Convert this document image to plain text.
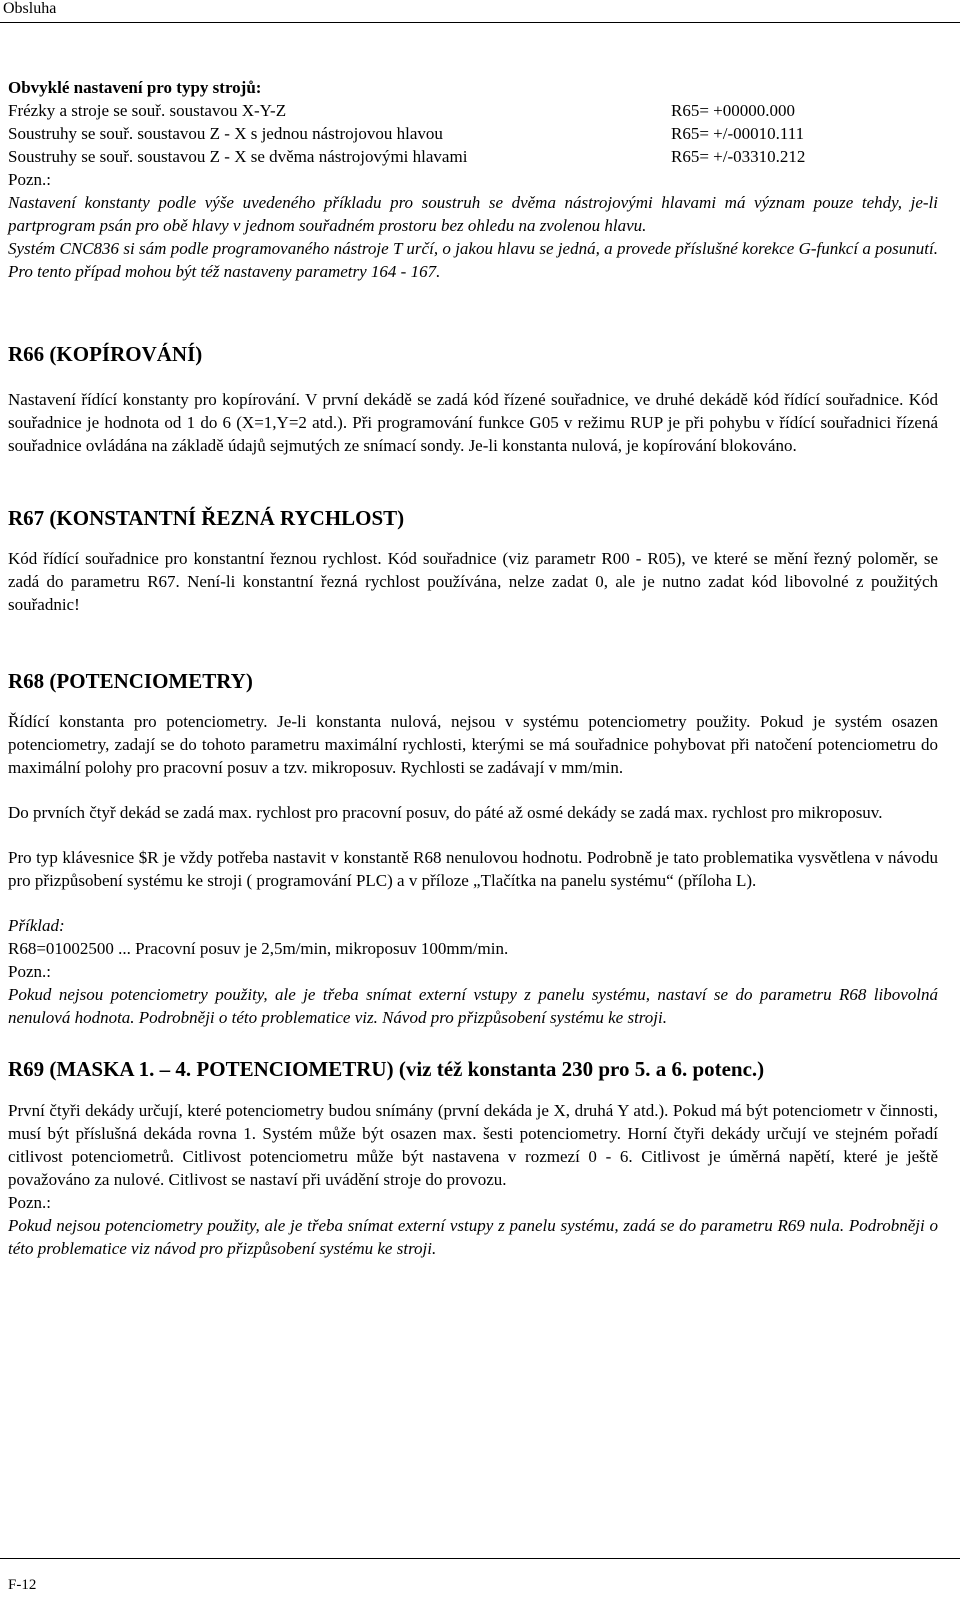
Obsluha

Obvyklé nastavení pro typy strojů:

Frézky a stroje se souř. soustavou X-Y-Z	R65= +00000.000
Soustruhy se souř. soustavou Z - X s jednou nástrojovou hlavou	R65= +/-00010.111
Soustruhy se souř. soustavou Z - X se dvěma nástrojovými hlavami	R65= +/-03310.212

Pozn.:

Nastavení konstanty podle výše uvedeného příkladu pro soustruh se dvěma nástrojovými hlavami má význam pouze tehdy, je-li partprogram psán pro obě hlavy v jednom souřadném prostoru bez ohledu na zvolenou hlavu.

Systém CNC836 si sám podle programovaného nástroje T určí, o jakou hlavu se jedná, a provede příslušné korekce G-funkcí a posunutí. Pro tento případ mohou být též nastaveny parametry 164 - 167.

R66 (KOPÍROVÁNÍ)

Nastavení řídící konstanty pro kopírování. V první dekádě se zadá kód řízené souřadnice, ve druhé dekádě kód řídící souřadnice. Kód souřadnice je hodnota od 1 do 6 (X=1,Y=2 atd.). Při programování funkce G05 v režimu RUP je při pohybu v řídící souřadnici řízená souřadnice ovládána na základě údajů sejmutých ze snímací sondy. Je-li konstanta nulová, je kopírování blokováno.

R67 (KONSTANTNÍ ŘEZNÁ RYCHLOST)

Kód řídící souřadnice pro konstantní řeznou rychlost. Kód souřadnice (viz parametr R00 - R05), ve které se mění řezný poloměr, se zadá do parametru R67. Není-li konstantní řezná rychlost používána, nelze zadat 0, ale je nutno zadat kód libovolné z použitých souřadnic!

R68 (POTENCIOMETRY)

Řídící konstanta pro potenciometry. Je-li konstanta nulová, nejsou v systému potenciometry použity. Pokud je systém osazen potenciometry, zadají se do tohoto parametru maximální rychlosti, kterými se má souřadnice pohybovat při natočení potenciometru do maximální polohy pro pracovní posuv a tzv. mikroposuv. Rychlosti se zadávají v mm/min.

Do prvních čtyř dekád se zadá max. rychlost pro pracovní posuv, do páté až osmé dekády se zadá max. rychlost pro mikroposuv.

Pro typ klávesnice $R je vždy potřeba nastavit v konstantě R68 nenulovou hodnotu. Podrobně je tato problematika vysvětlena v návodu pro přizpůsobení systému ke stroji ( programování PLC) a v příloze „Tlačítka na panelu systému“ (příloha L).

Příklad:

R68=01002500 ... Pracovní posuv je 2,5m/min, mikroposuv 100mm/min.

Pozn.:

Pokud nejsou potenciometry použity, ale je třeba snímat externí vstupy z panelu systému, nastaví se do parametru R68 libovolná nenulová hodnota. Podrobněji o této problematice viz. Návod pro přizpůsobení systému ke stroji.

R69 (MASKA 1. – 4. POTENCIOMETRU) (viz též konstanta 230 pro 5. a 6. potenc.)

První čtyři dekády určují, které potenciometry budou snímány (první dekáda je X, druhá Y atd.). Pokud má být potenciometr v činnosti, musí být příslušná dekáda rovna 1. Systém může být osazen max. šesti potenciometry. Horní čtyři dekády určují ve stejném pořadí citlivost potenciometrů. Citlivost potenciometru může být nastavena v rozmezí 0 - 6. Citlivost je úměrná napětí, které je ještě považováno za nulové. Citlivost se nastaví při uvádění stroje do provozu.

Pozn.:

Pokud nejsou potenciometry použity, ale je třeba snímat externí vstupy z panelu systému, zadá se do parametru R69 nula. Podrobněji o této problematice viz návod pro přizpůsobení systému ke stroji.

F-12
